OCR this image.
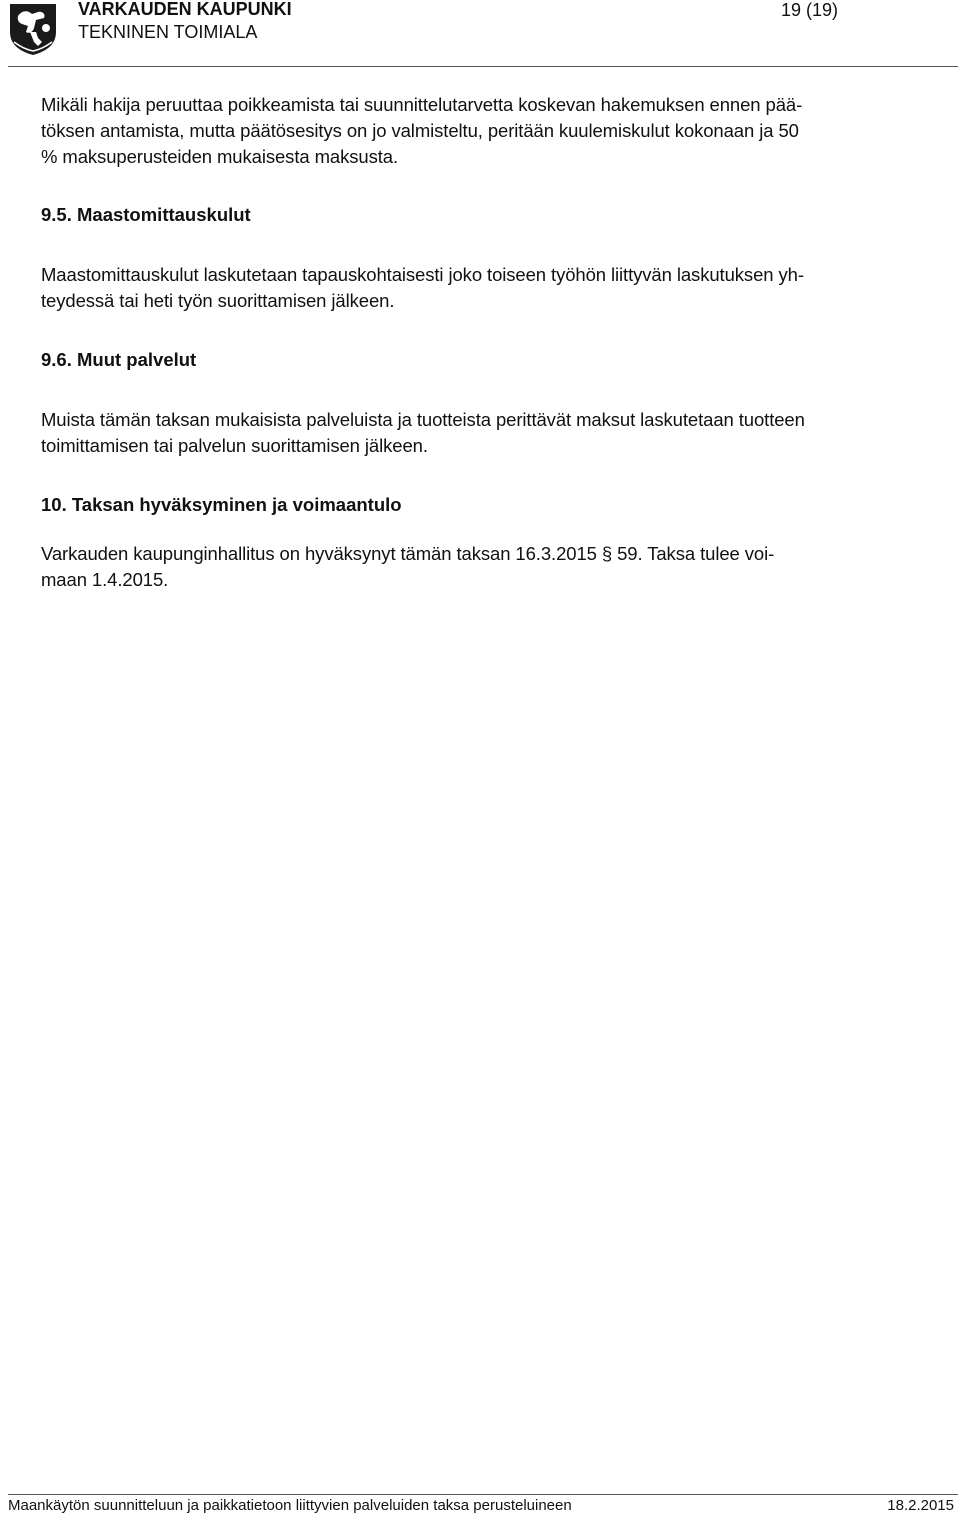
VARKAUDEN KAUPUNKI
TEKNINEN TOIMIALA
19 (19)

Mikäli hakija peruuttaa poikkeamista tai suunnittelutarvetta koskevan hakemuksen ennen pää-
töksen antamista, mutta päätösesitys on jo valmisteltu, peritään kuulemiskulut kokonaan ja 50
% maksuperusteiden mukaisesta maksusta.

9.5. Maastomittauskulut

Maastomittauskulut laskutetaan tapauskohtaisesti joko toiseen työhön liittyvän laskutuksen yh-
teydessä tai heti työn suorittamisen jälkeen.

9.6. Muut palvelut

Muista tämän taksan mukaisista palveluista ja tuotteista perittävät maksut laskutetaan tuotteen
toimittamisen tai palvelun suorittamisen jälkeen.

10. Taksan hyväksyminen ja voimaantulo

Varkauden kaupunginhallitus on hyväksynyt tämän taksan 16.3.2015 § 59. Taksa tulee voi-
maan 1.4.2015.

Maankäytön suunnitteluun ja paikkatietoon liittyvien palveluiden taksa perusteluineen	18.2.2015
